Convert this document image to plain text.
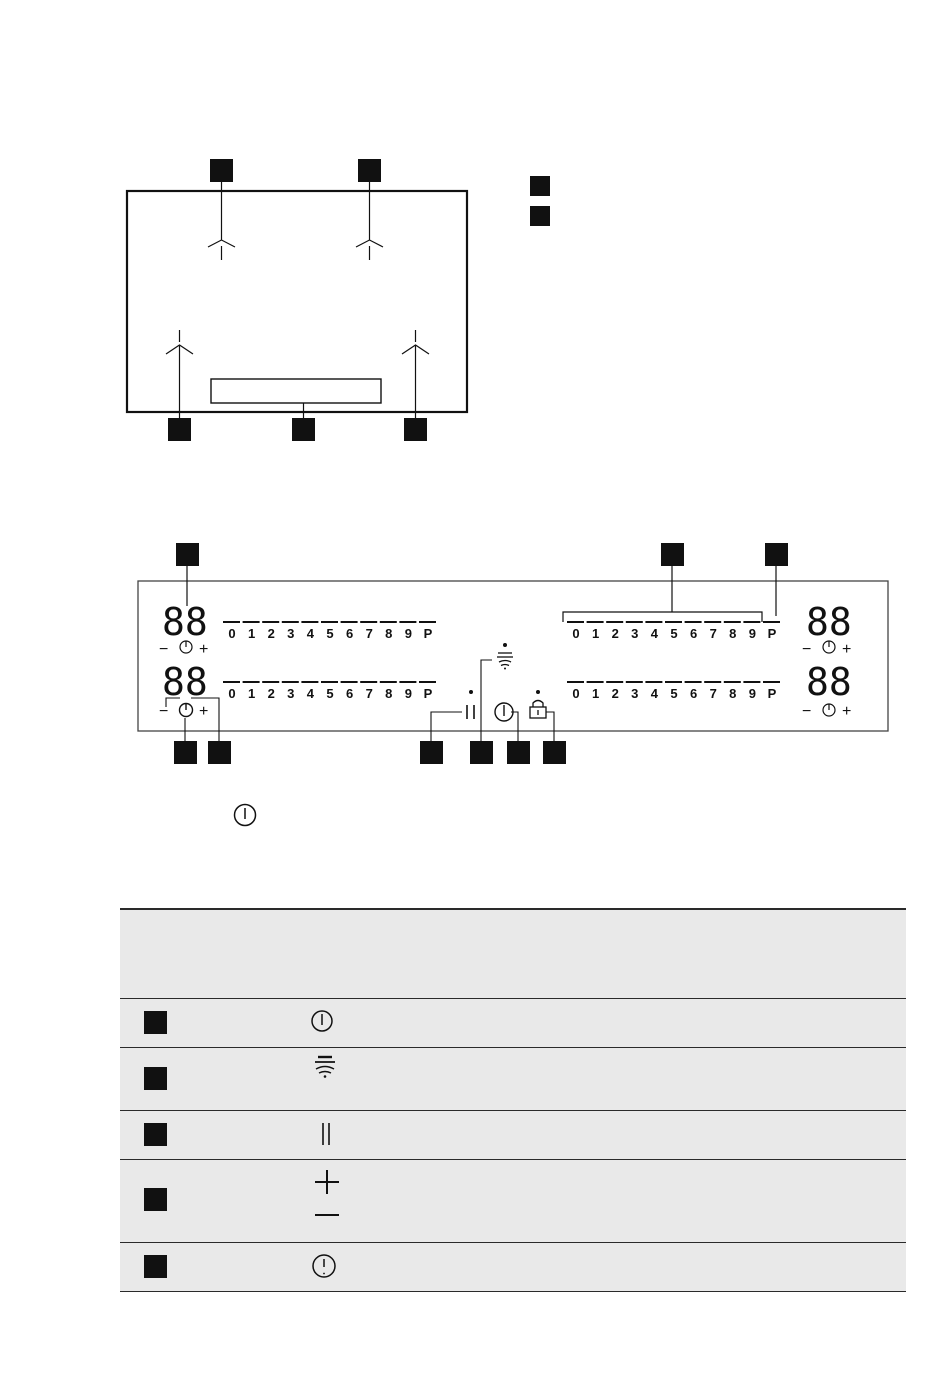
88
88
88
88
− +
− +
− +
− +
0 1 2 3 4 5 6 7 8 9 P
0 1 2 3 4 5 6 7 8 9 P
0 1 2 3 4 5 6 7 8 9 P
0 1 2 3 4 5 6 7 8 9 P
